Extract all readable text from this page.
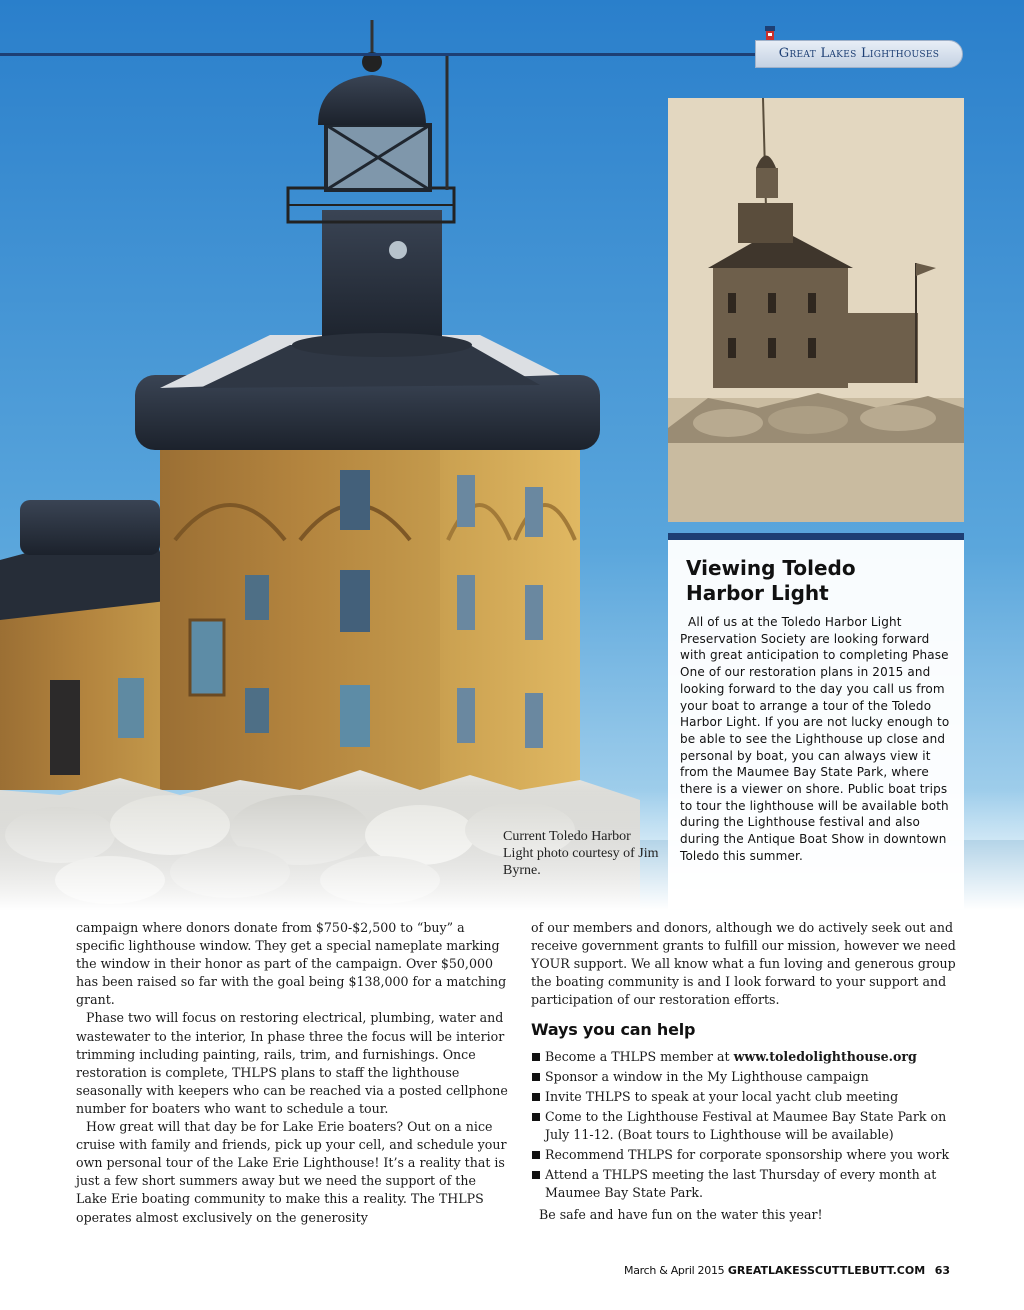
Great Lakes Lighthouses
Viewing Toledo
Harbor Light

All of us at the Toledo Harbor Light Preservation Society are looking forward with great anticipation to completing Phase One of our restoration plans in 2015 and looking forward to the day you call us from your boat to arrange a tour of the Toledo Harbor Light. If you are not lucky enough to be able to see the Lighthouse up close and personal by boat, you can always view it from the Maumee Bay State Park, where there is a viewer on shore. Public boat trips to tour the lighthouse will be available both during the Lighthouse festival and also during the Antique Boat Show in downtown Toledo this summer.

Current Toledo Harbor Light photo courtesy of Jim Byrne.

campaign where donors donate from $750-$2,500 to “buy” a specific lighthouse window. They get a special nameplate marking the window in their honor as part of the campaign. Over $50,000 has been raised so far with the goal being $138,000 for a matching grant.

Phase two will focus on restoring electrical, plumbing, water and wastewater to the interior, In phase three the focus will be interior trimming including painting, rails, trim, and furnishings. Once restoration is complete, THLPS plans to staff the lighthouse seasonally with keepers who can be reached via a posted cellphone number for boaters who want to schedule a tour.

How great will that day be for Lake Erie boaters? Out on a nice cruise with family and friends, pick up your cell, and schedule your own personal tour of the Lake Erie Lighthouse! It’s a reality that is just a few short summers away but we need the support of the Lake Erie boating community to make this a reality. The THLPS operates almost exclusively on the generosity

of our members and donors, although we do actively seek out and receive government grants to fulfill our mission, however we need YOUR support. We all know what a fun loving and generous group the boating community is and I look forward to your support and participation of our restoration efforts.

Ways you can help
Become a THLPS member at www.toledolighthouse.org
Sponsor a window in the My Lighthouse campaign
Invite THLPS to speak at your local yacht club meeting
Come to the Lighthouse Festival at Maumee Bay State Park on July 11-12. (Boat tours to Lighthouse will be available)
Recommend THLPS for corporate sponsorship where you work
Attend a THLPS meeting the last Thursday of every month at Maumee Bay State Park.

Be safe and have fun on the water this year!

March & April 2015 GREATLAKESSCUTTLEBUTT.COM 63
